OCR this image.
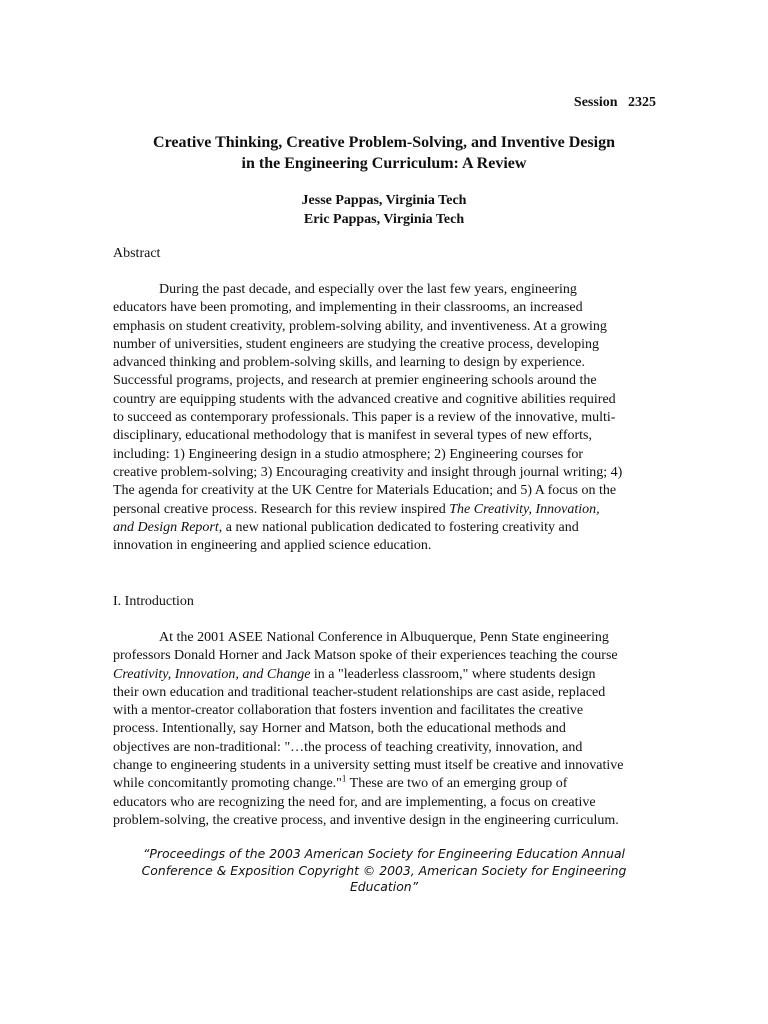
Session   2325
Creative Thinking, Creative Problem-Solving, and Inventive Design
in the Engineering Curriculum: A Review
Jesse Pappas, Virginia Tech
Eric Pappas, Virginia Tech
Abstract
During the past decade, and especially over the last few years, engineering
educators have been promoting, and implementing in their classrooms, an increased
emphasis on student creativity, problem-solving ability, and inventiveness. At a growing
number of universities, student engineers are studying the creative process, developing
advanced thinking and problem-solving skills, and learning to design by experience.
Successful programs, projects, and research at premier engineering schools around the
country are equipping students with the advanced creative and cognitive abilities required
to succeed as contemporary professionals. This paper is a review of the innovative, multi-
disciplinary, educational methodology that is manifest in several types of new efforts,
including: 1) Engineering design in a studio atmosphere; 2) Engineering courses for
creative problem-solving; 3) Encouraging creativity and insight through journal writing; 4)
The agenda for creativity at the UK Centre for Materials Education; and 5) A focus on the
personal creative process. Research for this review inspired The Creativity, Innovation,
and Design Report, a new national publication dedicated to fostering creativity and
innovation in engineering and applied science education.
I. Introduction
At the 2001 ASEE National Conference in Albuquerque, Penn State engineering
professors Donald Horner and Jack Matson spoke of their experiences teaching the course
Creativity, Innovation, and Change in a "leaderless classroom," where students design
their own education and traditional teacher-student relationships are cast aside, replaced
with a mentor-creator collaboration that fosters invention and facilitates the creative
process. Intentionally, say Horner and Matson, both the educational methods and
objectives are non-traditional: "…the process of teaching creativity, innovation, and
change to engineering students in a university setting must itself be creative and innovative
while concomitantly promoting change."$^1$ These are two of an emerging group of
educators who are recognizing the need for, and are implementing, a focus on creative
problem-solving, the creative process, and inventive design in the engineering curriculum.
“Proceedings of the 2003 American Society for Engineering Education Annual
Conference & Exposition Copyright © 2003, American Society for Engineering
Education”
